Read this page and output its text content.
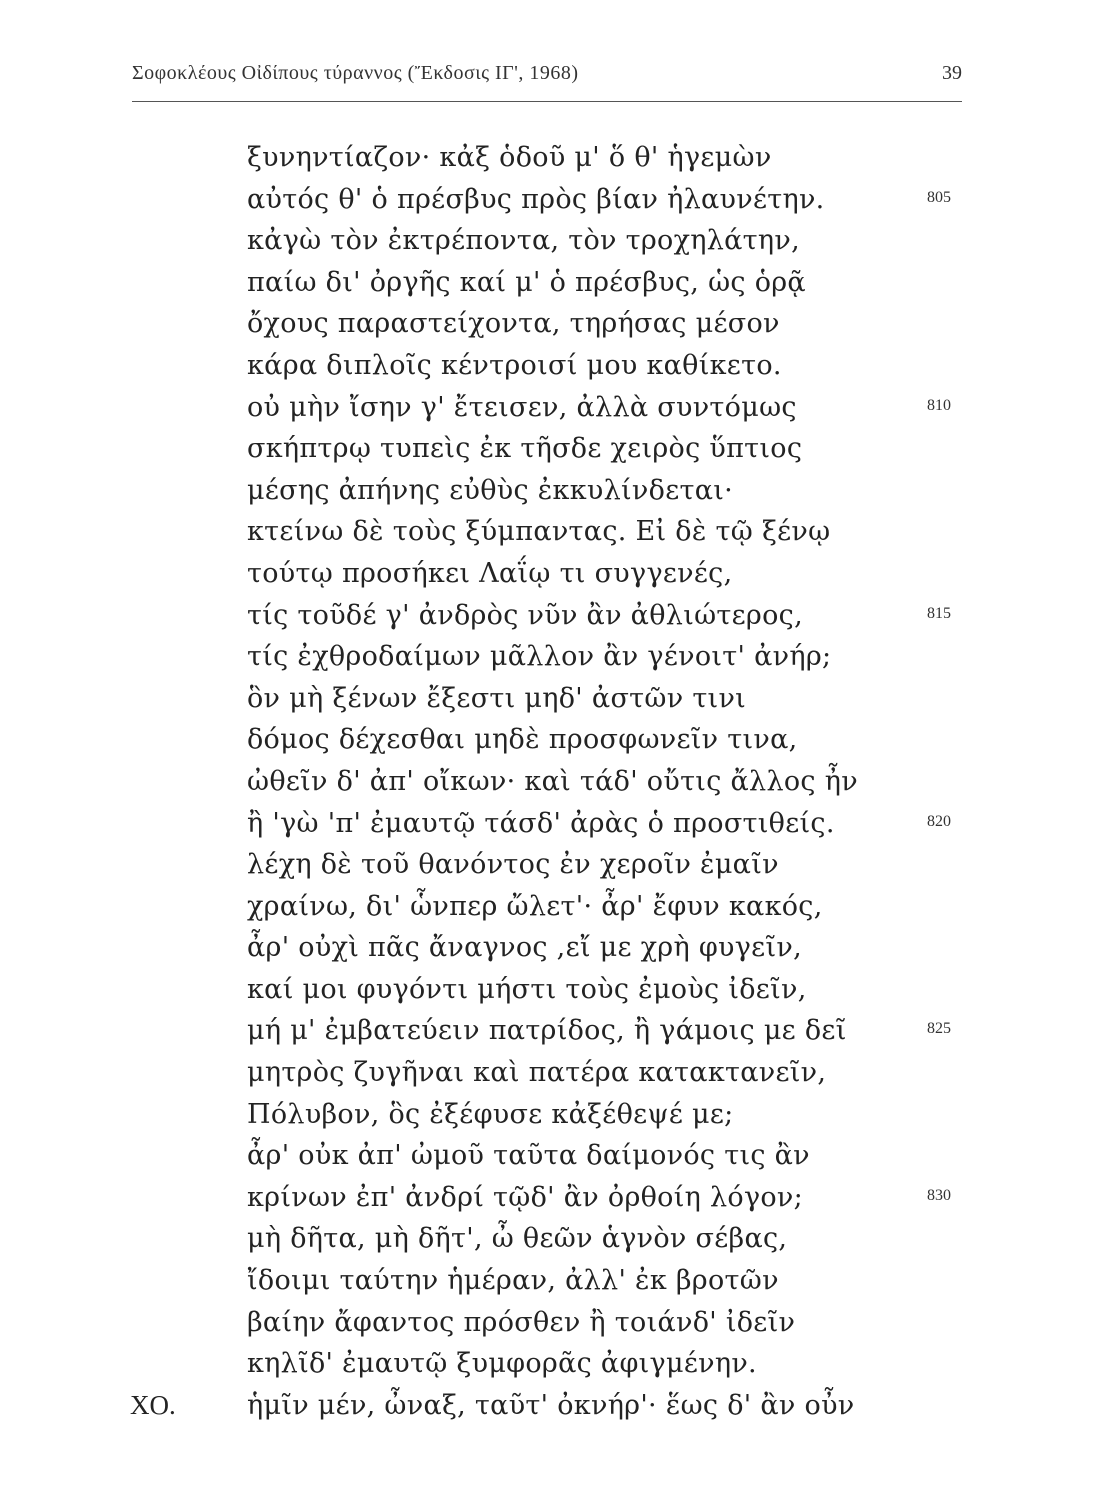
Σοφοκλέους Οἰδίπους τύραννος (Ἔκδοσις ΙΓ', 1968)	39
ξυνηντίαζον· κἀξ ὁδοῦ μ' ὅ θ' ἡγεμὼν
αὐτός θ' ὁ πρέσβυς πρὸς βίαν ἠλαυνέτην.	805
κἀγὼ τὸν ἐκτρέποντα, τὸν τροχηλάτην,
παίω δι' ὀργῆς καί μ' ὁ πρέσβυς, ὡς ὁρᾷ
ὄχους παραστείχοντα, τηρήσας μέσον
κάρα διπλοῖς κέντροισί μου καθίκετο.
οὐ μὴν ἴσην γ' ἔτεισεν, ἀλλὰ συντόμως	810
σκήπτρῳ τυπεὶς ἐκ τῆσδε χειρὸς ὕπτιος
μέσης ἀπήνης εὐθὺς ἐκκυλίνδεται·
κτείνω δὲ τοὺς ξύμπαντας. Εἰ δὲ τῷ ξένῳ
τούτῳ προσήκει Λαΐῳ τι συγγενές,
τίς τοῦδέ γ' ἀνδρὸς νῦν ἂν ἀθλιώτερος,	815
τίς ἐχθροδαίμων μᾶλλον ἂν γένοιτ' ἀνήρ;
ὃν μὴ ξένων ἔξεστι μηδ' ἀστῶν τινι
δόμος δέχεσθαι μηδὲ προσφωνεῖν τινα,
ὠθεῖν δ' ἀπ' οἴκων· καὶ τάδ' οὔτις ἄλλος ἦν
ἢ 'γὼ 'π' ἐμαυτῷ τάσδ' ἀρὰς ὁ προστιθείς.	820
λέχη δὲ τοῦ θανόντος ἐν χεροῖν ἐμαῖν
χραίνω, δι' ὧνπερ ὤλετ'· ἆρ' ἔφυν κακός,
ἆρ' οὐχὶ πᾶς ἄναγνος ,εἴ με χρὴ φυγεῖν,
καί μοι φυγόντι μήστι τοὺς ἐμοὺς ἰδεῖν,
μή μ' ἐμβατεύειν πατρίδος, ἢ γάμοις με δεῖ	825
μητρὸς ζυγῆναι καὶ πατέρα κατακτανεῖν,
Πόλυβον, ὃς ἐξέφυσε κἀξέθεψέ με;
ἆρ' οὐκ ἀπ' ὠμοῦ ταῦτα δαίμονός τις ἂν
κρίνων ἐπ' ἀνδρί τῷδ' ἂν ὀρθοίη λόγον;	830
μὴ δῆτα, μὴ δῆτ', ὦ θεῶν ἁγνὸν σέβας,
ἴδοιμι ταύτην ἡμέραν, ἀλλ' ἐκ βροτῶν
βαίην ἄφαντος πρόσθεν ἢ τοιάνδ' ἰδεῖν
κηλῖδ' ἐμαυτῷ ξυμφορᾶς ἀφιγμένην.
ΧΟ.	ἡμῖν μέν, ὦναξ, ταῦτ' ὀκνήρ'· ἕως δ' ἂν οὖν
